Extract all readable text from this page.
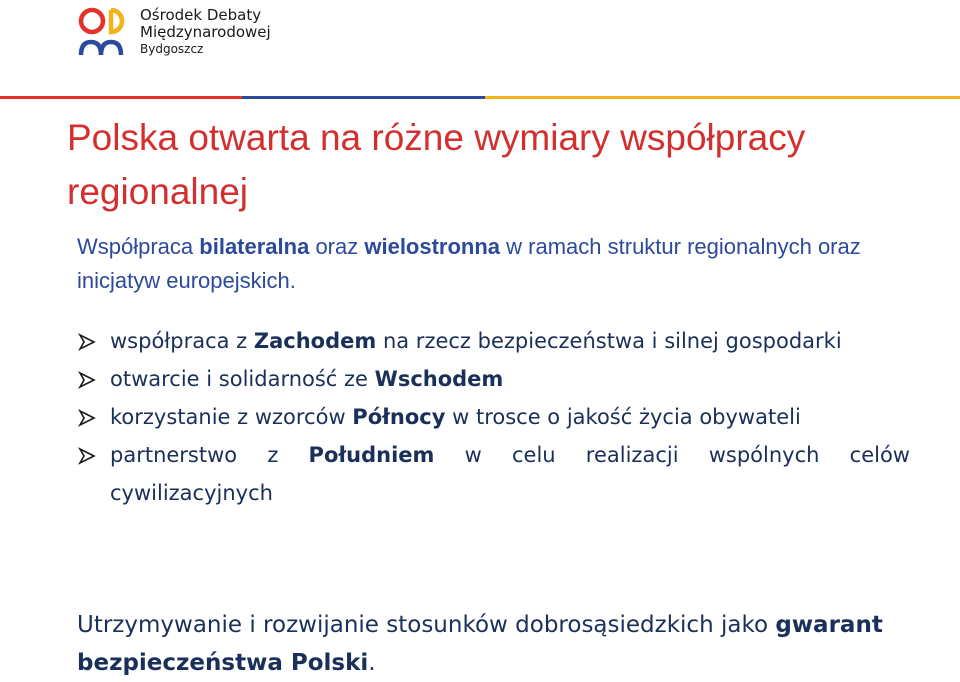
Ośrodek Debaty
Międzynarodowej
Bydgoszcz
Polska otwarta na różne wymiary współpracy regionalnej

Współpraca bilateralna oraz wielostronna w ramach struktur regionalnych oraz inicjatyw europejskich.

współpraca z Zachodem na rzecz bezpieczeństwa i silnej gospodarki
otwarcie i solidarność ze Wschodem
korzystanie z wzorców Północy w trosce o jakość życia obywateli
partnerstwo z Południem w celu realizacji wspólnych celów cywilizacyjnych

Utrzymywanie i rozwijanie stosunków dobrosąsiedzkich jako gwarant bezpieczeństwa Polski.
